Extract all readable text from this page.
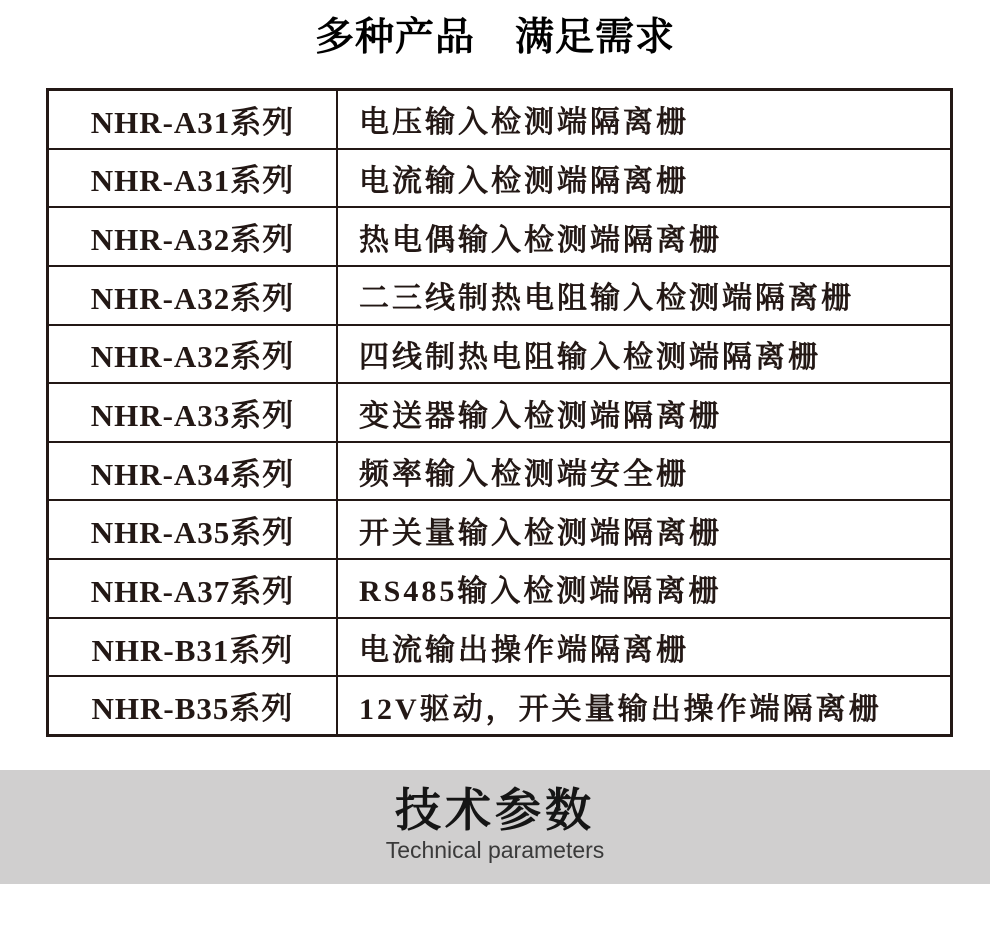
多种产品　满足需求
NHR-A31系列	电压输入检测端隔离栅
NHR-A31系列	电流输入检测端隔离栅
NHR-A32系列	热电偶输入检测端隔离栅
NHR-A32系列	二三线制热电阻输入检测端隔离栅
NHR-A32系列	四线制热电阻输入检测端隔离栅
NHR-A33系列	变送器输入检测端隔离栅
NHR-A34系列	频率输入检测端安全栅
NHR-A35系列	开关量输入检测端隔离栅
NHR-A37系列	RS485输入检测端隔离栅
NHR-B31系列	电流输出操作端隔离栅
NHR-B35系列	12V驱动，开关量输出操作端隔离栅
技术参数
Technical parameters
